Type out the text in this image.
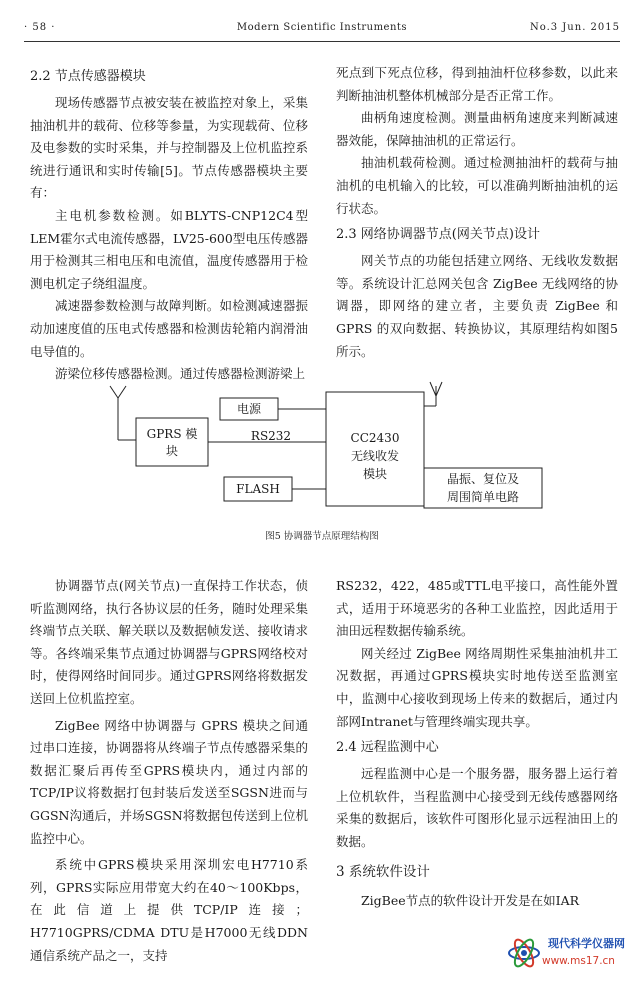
· 58 ·	Modern Scientific Instruments	No.3 Jun. 2015
2.2 节点传感器模块

现场传感器节点被安装在被监控对象上，采集抽油机井的载荷、位移等参量，为实现载荷、位移及电参数的实时采集，并与控制器及上位机监控系统进行通讯和实时传输[5]。节点传感器模块主要有：

主电机参数检测。如BLYTS-CNP12C4型LEM霍尔式电流传感器，LV25-600型电压传感器用于检测其三相电压和电流值，温度传感器用于检测电机定子绕组温度。

减速器参数检测与故障判断。如检测减速器振动加速度值的压电式传感器和检测齿轮箱内润滑油电导值的。

游梁位移传感器检测。通过传感器检测游梁上

死点到下死点位移，得到抽油杆位移参数，以此来判断抽油机整体机械部分是否正常工作。

曲柄角速度检测。测量曲柄角速度来判断减速器效能，保障抽油机的正常运行。

抽油机载荷检测。通过检测抽油杆的载荷与抽油机的电机输入的比较，可以准确判断抽油机的运行状态。

2.3 网络协调器节点(网关节点)设计

网关节点的功能包括建立网络、无线收发数据等。系统设计汇总网关包含 ZigBee 无线网络的协调器，即网络的建立者，主要负责 ZigBee 和 GPRS 的双向数据、转换协议，其原理结构如图5所示。

电源
GPRS 模
块
RS232	CC2430
无线收发
模块
FLASH
晶振、复位及
周围简单电路
图5 协调器节点原理结构图

协调器节点(网关节点)一直保持工作状态，侦听监测网络，执行各协议层的任务，随时处理采集终端节点关联、解关联以及数据帧发送、接收请求等。各终端采集节点通过协调器与GPRS网络校对时，使得网络时间同步。通过GPRS网络将数据发送回上位机监控室。

ZigBee 网络中协调器与 GPRS 模块之间通过串口连接，协调器将从终端子节点传感器采集的数据汇聚后再传至GPRS模块内，通过内部的TCP/IP议将数据打包封装后发送至SGSN进而与GGSN沟通后，并场SGSN将数据包传送到上位机监控中心。

系统中GPRS模块采用深圳宏电H7710系列，GPRS实际应用带宽大约在40～100Kbps，在此信道上提供TCP/IP连接；H7710GPRS/CDMA DTU是H7000无线DDN通信系统产品之一，支持

RS232，422，485或TTL电平接口，高性能外置式，适用于环境恶劣的各种工业监控，因此适用于油田远程数据传输系统。

网关经过 ZigBee 网络周期性采集抽油机井工况数据，再通过GPRS模块实时地传送至监测室中，监测中心接收到现场上传来的数据后，通过内部网Intranet与管理终端实现共享。

2.4 远程监测中心

远程监测中心是一个服务器，服务器上运行着上位机软件，当程监测中心接受到无线传感器网络采集的数据后，该软件可图形化显示远程油田上的数据。

3 系统软件设计

ZigBee节点的软件设计开发是在如IAR

现代科学仪器网
www.ms17.cn
